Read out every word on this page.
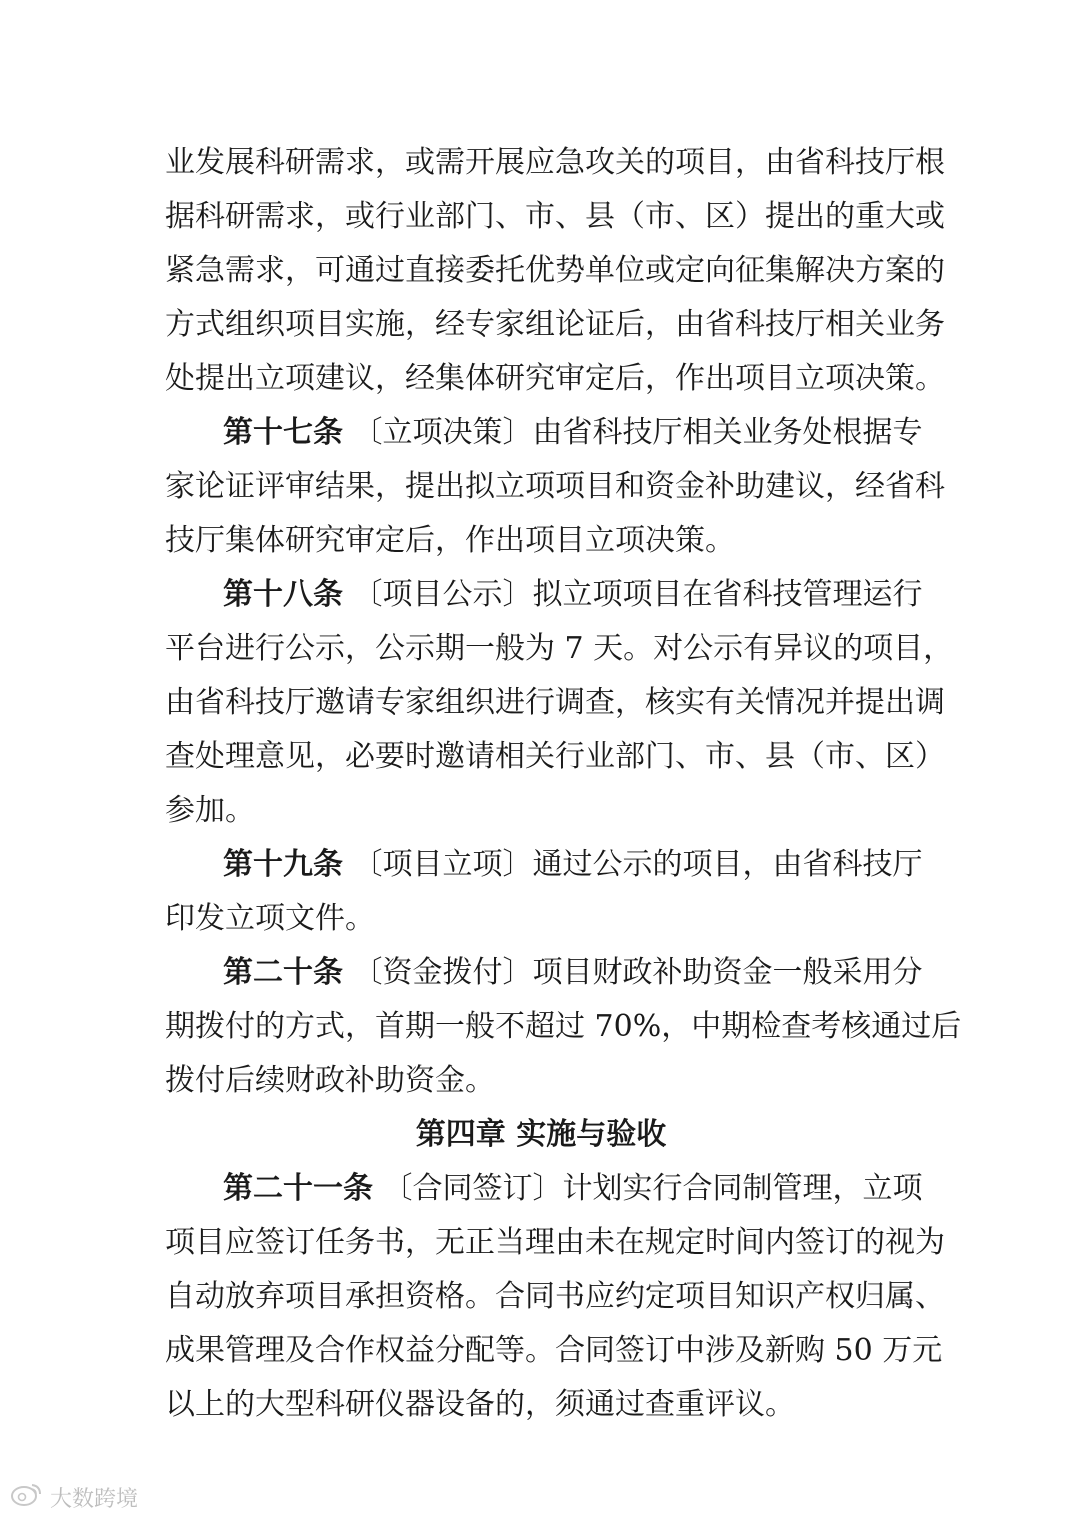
业发展科研需求，或需开展应急攻关的项目，由省科技厅根
据科研需求，或行业部门、市、县（市、区）提出的重大或
紧急需求，可通过直接委托优势单位或定向征集解决方案的
方式组织项目实施，经专家组论证后，由省科技厅相关业务
处提出立项建议，经集体研究审定后，作出项目立项决策。
第十七条 〔立项决策〕由省科技厅相关业务处根据专
家论证评审结果，提出拟立项项目和资金补助建议，经省科
技厅集体研究审定后，作出项目立项决策。
第十八条 〔项目公示〕拟立项项目在省科技管理运行
平台进行公示，公示期一般为 7 天。对公示有异议的项目，
由省科技厅邀请专家组织进行调查，核实有关情况并提出调
查处理意见，必要时邀请相关行业部门、市、县（市、区）
参加。
第十九条 〔项目立项〕通过公示的项目，由省科技厅
印发立项文件。
第二十条 〔资金拨付〕项目财政补助资金一般采用分
期拨付的方式，首期一般不超过 70%，中期检查考核通过后
拨付后续财政补助资金。
第四章 实施与验收
第二十一条 〔合同签订〕计划实行合同制管理，立项
项目应签订任务书，无正当理由未在规定时间内签订的视为
自动放弃项目承担资格。合同书应约定项目知识产权归属、
成果管理及合作权益分配等。合同签订中涉及新购 50 万元
以上的大型科研仪器设备的，须通过查重评议。
大数跨境
